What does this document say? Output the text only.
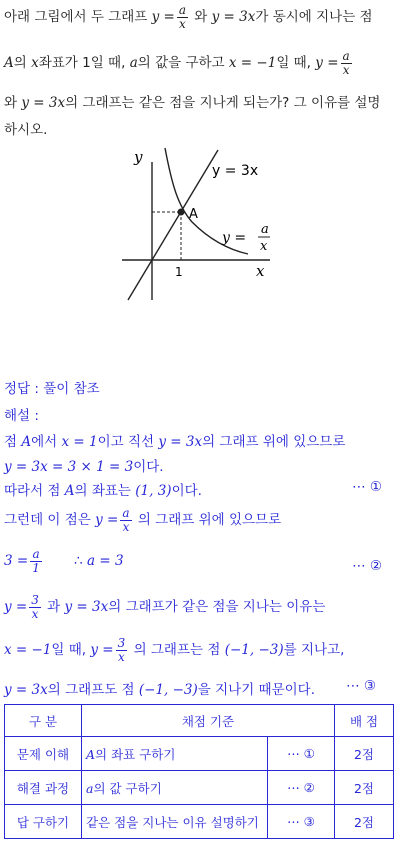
아래 그림에서 두 그래프 $y = \frac{a}{x}$ 와 y = 3x가 동시에 지나는 점
A의 x좌표가 1일 때, a의 값을 구하고 x = −1일 때, $y = \frac{a}{x}$
와 y = 3x의 그래프는 같은 점을 지나게 되는가? 그 이유를 설명
하시오.
y
x
y = 3x
A
1
y =
a
x
정답 : 풀이 참조
해설 :
점 A에서 x = 1이고 직선 y = 3x의 그래프 위에 있으므로
y = 3x = 3 × 1 = 3이다.
따라서 점 A의 좌표는 (1, 3)이다.	⋯ ①
그런데 이 점은 $y = \frac{a}{x}$ 의 그래프 위에 있으므로
$3 = \frac{a}{1}$ ∴ a = 3	⋯ ②
$y = \frac{3}{x}$ 과 y = 3x의 그래프가 같은 점을 지나는 이유는
x = −1일 때, $y = \frac{3}{x}$ 의 그래프는 점 (−1, −3)를 지나고,
y = 3x의 그래프도 점 (−1, −3)을 지나기 때문이다. ⋯ ③
구 분	채점 기준		배 점
문제 이해	A의 좌표 구하기	⋯ ①	2점
해결 과정	a의 값 구하기	⋯ ②	2점
답 구하기	같은 점을 지나는 이유 설명하기	⋯ ③	2점
